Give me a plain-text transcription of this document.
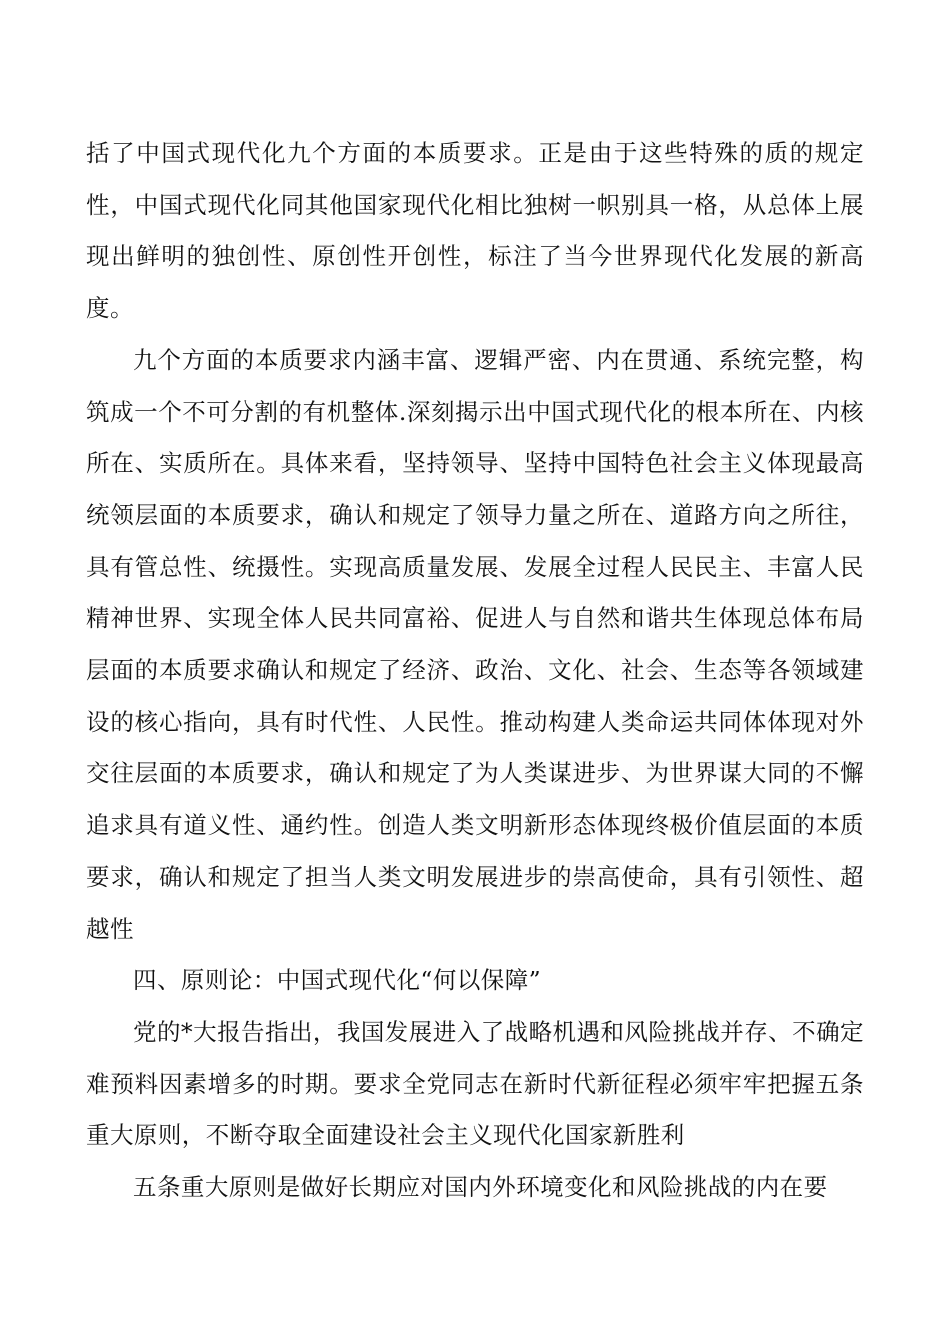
括了中国式现代化九个方面的本质要求。正是由于这些特殊的质的规定性，中国式现代化同其他国家现代化相比独树一帜别具一格，从总体上展现出鲜明的独创性、原创性开创性，标注了当今世界现代化发展的新高度。

九个方面的本质要求内涵丰富、逻辑严密、内在贯通、系统完整，构筑成一个不可分割的有机整体.深刻揭示出中国式现代化的根本所在、内核所在、实质所在。具体来看，坚持领导、坚持中国特色社会主义体现最高统领层面的本质要求，确认和规定了领导力量之所在、道路方向之所往，具有管总性、统摄性。实现高质量发展、发展全过程人民民主、丰富人民精神世界、实现全体人民共同富裕、促进人与自然和谐共生体现总体布局层面的本质要求确认和规定了经济、政治、文化、社会、生态等各领域建设的核心指向，具有时代性、人民性。推动构建人类命运共同体体现对外交往层面的本质要求，确认和规定了为人类谋进步、为世界谋大同的不懈追求具有道义性、通约性。创造人类文明新形态体现终极价值层面的本质要求，确认和规定了担当人类文明发展进步的崇高使命，具有引领性、超越性

四、原则论：中国式现代化“何以保障”

党的*大报告指出，我国发展进入了战略机遇和风险挑战并存、不确定难预料因素增多的时期。要求全党同志在新时代新征程必须牢牢把握五条重大原则，不断夺取全面建设社会主义现代化国家新胜利

五条重大原则是做好长期应对国内外环境变化和风险挑战的内在要
